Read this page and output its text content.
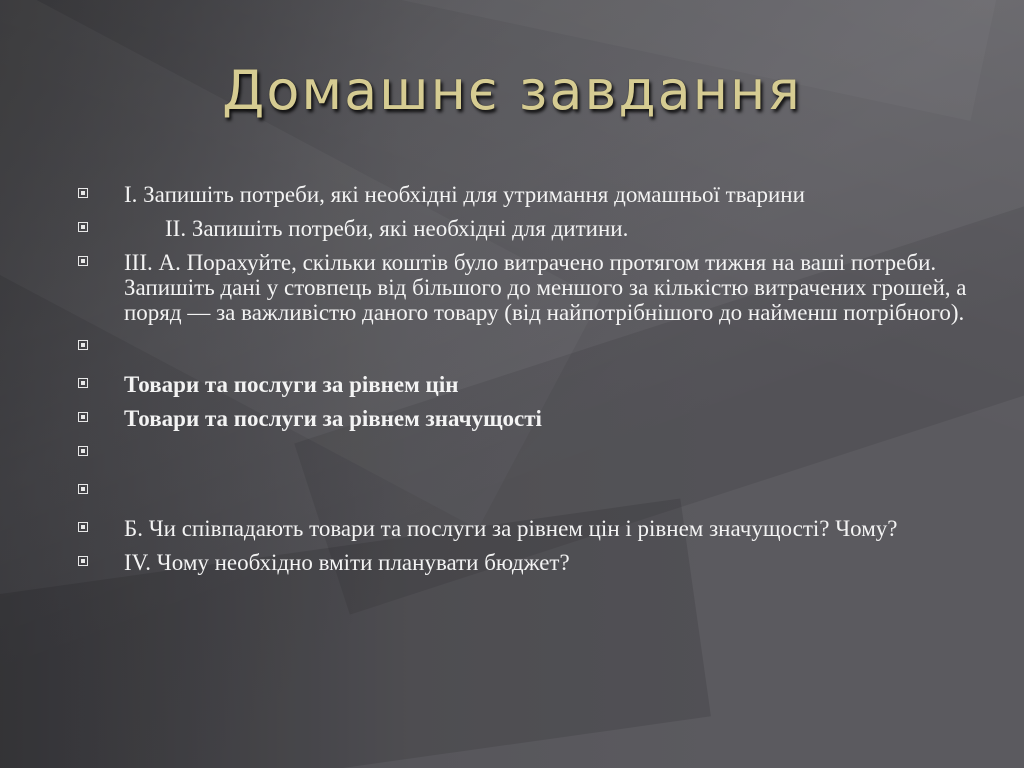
Домашнє завдання
І. Запишіть потреби, які необхідні для утримання домашньої тварини
ІІ. Запишіть потреби, які необхідні для дитини.
ІІІ. А. Порахуйте, скільки коштів було витрачено протягом тижня на ваші потреби. Запишіть дані у стовпець від більшого до меншого за кількістю витрачених грошей, а поряд — за важливістю даного товару (від найпотрібнішого до найменш потрібного).
Товари та послуги за рівнем цін
Товари та послуги за рівнем значущості
Б. Чи співпадають товари та послуги за рівнем цін і рівнем значущості? Чому?
IV. Чому необхідно вміти планувати бюджет?
